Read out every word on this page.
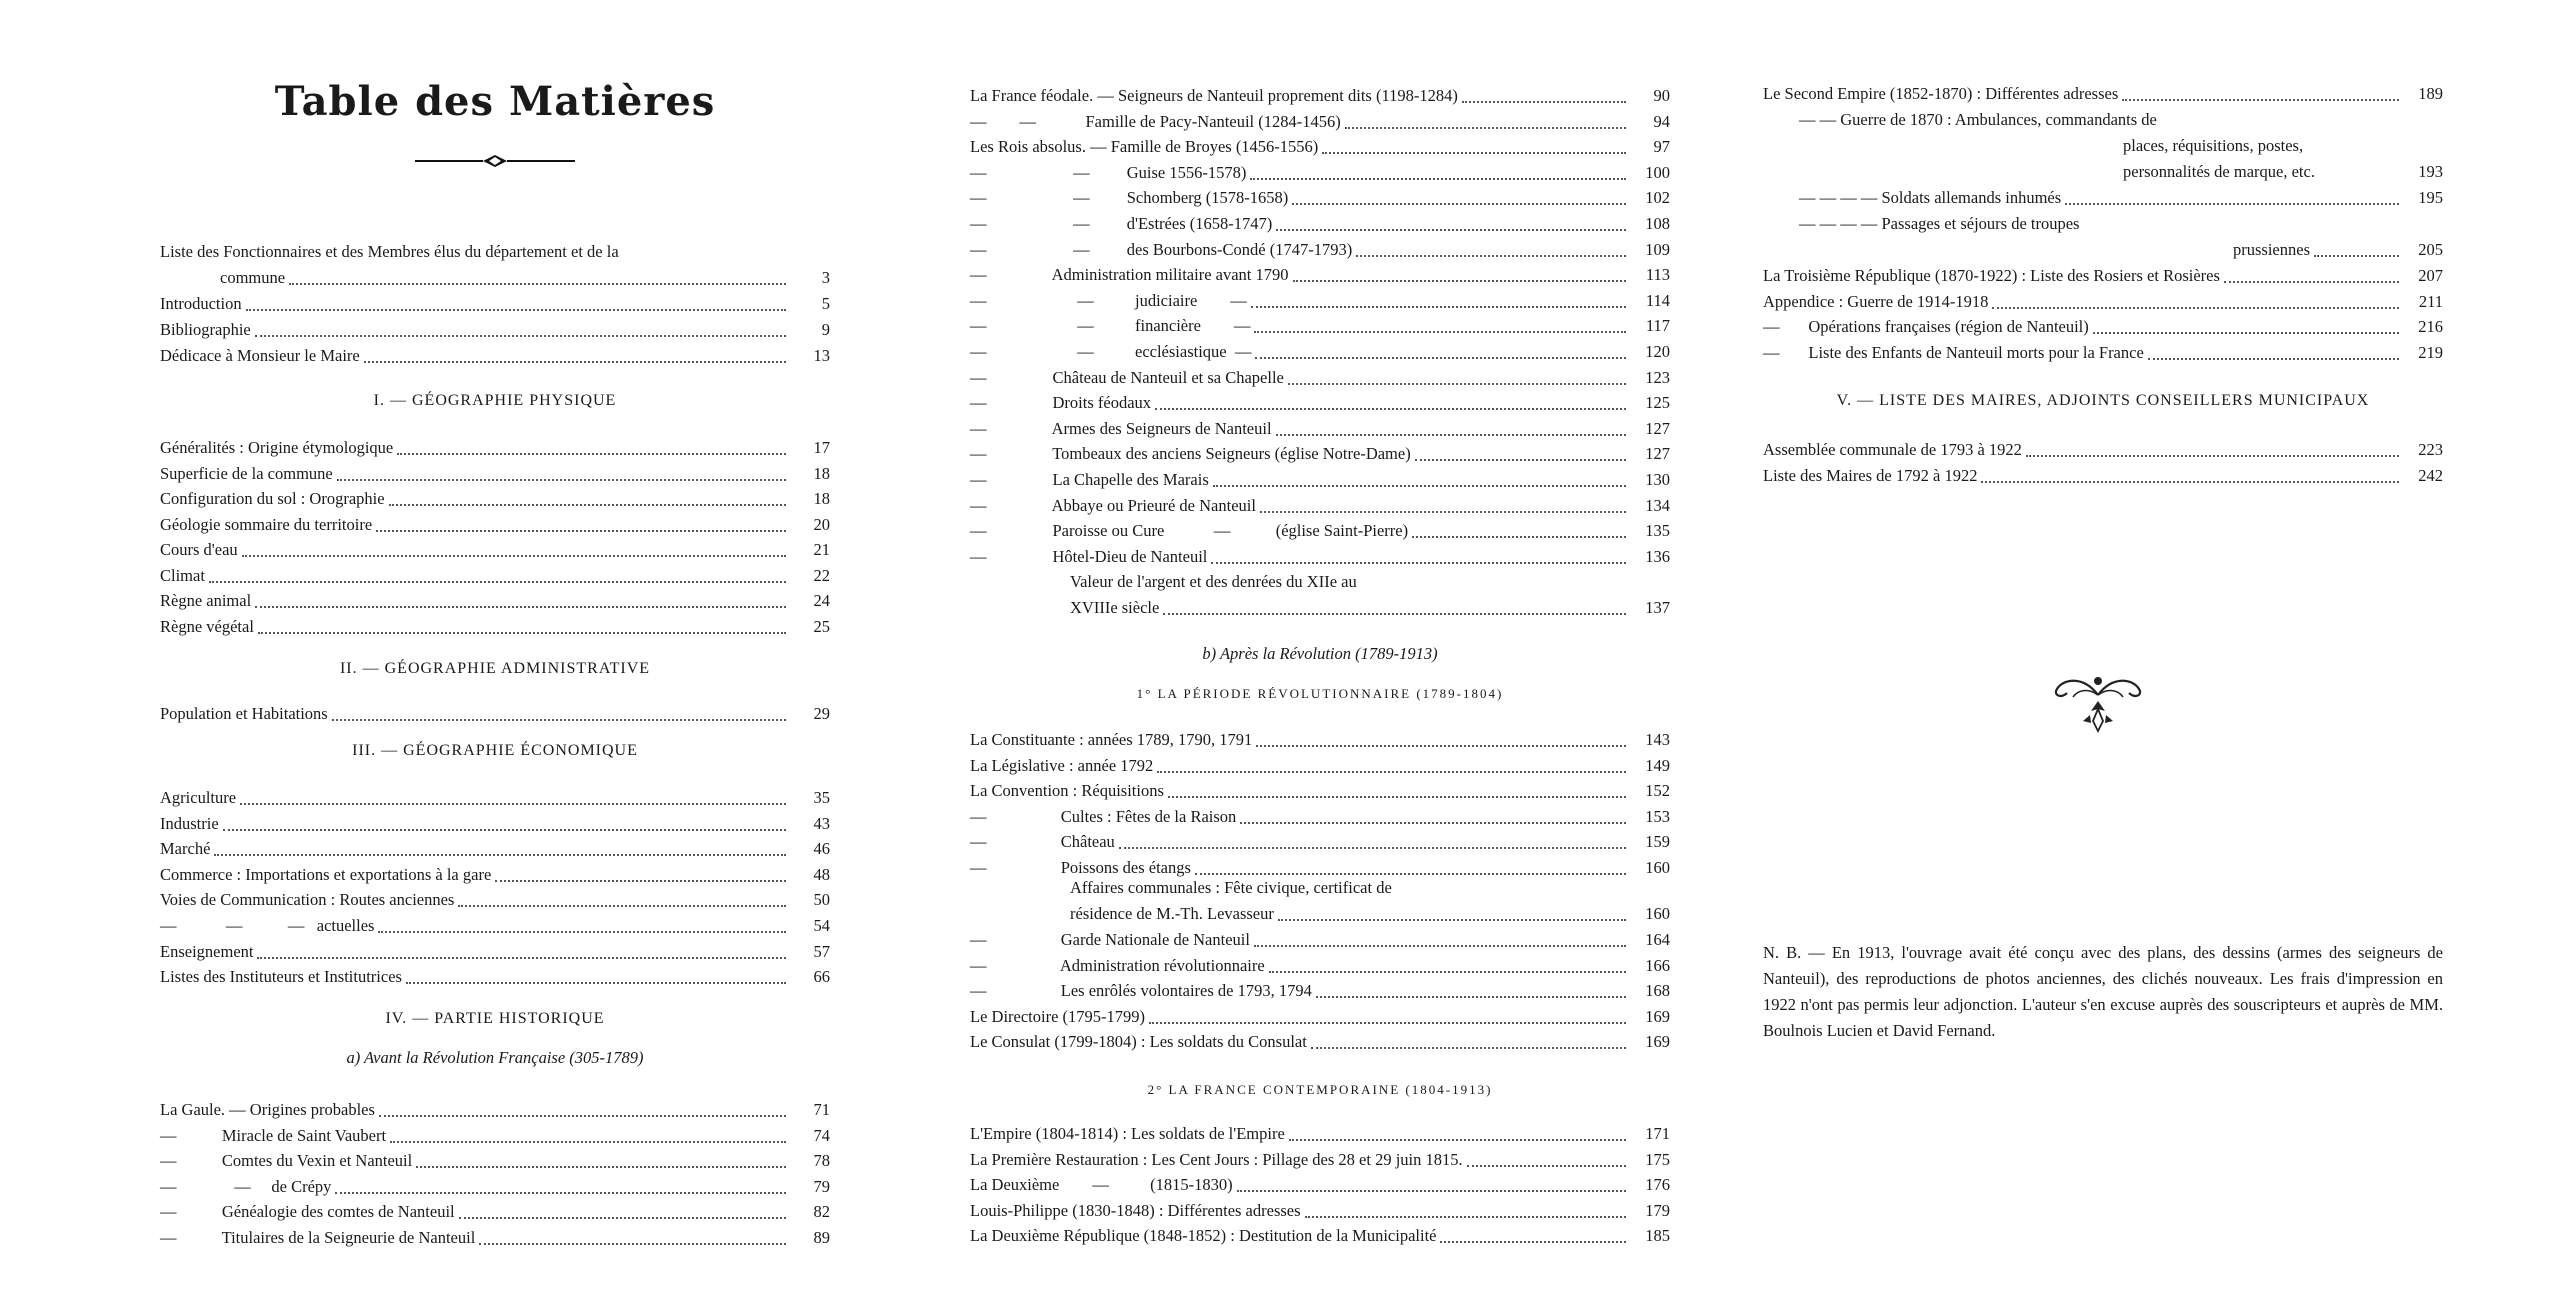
Table des Matières
Liste des Fonctionnaires et des Membres élus du département et de la
commune	3
Introduction	5
Bibliographie	9
Dédicace à Monsieur le Maire	13
I. — GÉOGRAPHIE PHYSIQUE
Généralités : Origine étymologique	17
Superficie de la commune	18
Configuration du sol : Orographie	18
Géologie sommaire du territoire	20
Cours d'eau	21
Climat	22
Règne animal	24
Règne végétal	25
II. — GÉOGRAPHIE ADMINISTRATIVE
Population et Habitations	29
III. — GÉOGRAPHIE ÉCONOMIQUE
Agriculture	35
Industrie	43
Marché	46
Commerce : Importations et exportations à la gare	48
Voies de Communication : Routes anciennes	50
—            —           —   actuelles	54
Enseignement	57
Listes des Instituteurs et Institutrices	66
IV. — PARTIE HISTORIQUE
a) Avant la Révolution Française (305-1789)
La Gaule. — Origines probables	71
—           Miracle de Saint Vaubert	74
—           Comtes du Vexin et Nanteuil	78
—              —     de Crépy	79
—           Généalogie des comtes de Nanteuil	82
—           Titulaires de la Seigneurie de Nanteuil	89
La France féodale. — Seigneurs de Nanteuil proprement dits (1198-1284)	90
—        —            Famille de Pacy-Nanteuil (1284-1456)	94
Les Rois absolus. — Famille de Broyes (1456-1556)	97
—                     —         Guise 1556-1578)	100
—                     —         Schomberg (1578-1658)	102
—                     —         d'Estrées (1658-1747)	108
—                     —         des Bourbons-Condé (1747-1793)	109
—                Administration militaire avant 1790	113
—                      —          judiciaire        —	114
—                      —          financière        —	117
—                      —          ecclésiastique  —	120
—                Château de Nanteuil et sa Chapelle	123
—                Droits féodaux	125
—                Armes des Seigneurs de Nanteuil	127
—                Tombeaux des anciens Seigneurs (église Notre-Dame)	127
—                La Chapelle des Marais	130
—                Abbaye ou Prieuré de Nanteuil	134
—                Paroisse ou Cure            —           (église Saint-Pierre)	135
—                Hôtel-Dieu de Nanteuil	136
Valeur de l'argent et des denrées du XIIe au
XVIIIe siècle	137
b) Après la Révolution (1789-1913)
1° LA PÉRIODE RÉVOLUTIONNAIRE (1789-1804)
La Constituante : années 1789, 1790, 1791	143
La Législative : année 1792	149
La Convention : Réquisitions	152
—                  Cultes : Fêtes de la Raison	153
—                  Château	159
—                  Poissons des étangs	160
Affaires communales : Fête civique, certificat de
résidence de M.-Th. Levasseur	160
—                  Garde Nationale de Nanteuil	164
—                  Administration révolutionnaire	166
—                  Les enrôlés volontaires de 1793, 1794	168
Le Directoire (1795-1799)	169
Le Consulat (1799-1804) : Les soldats du Consulat	169
2° LA FRANCE CONTEMPORAINE (1804-1913)
L'Empire (1804-1814) : Les soldats de l'Empire	171
La Première Restauration : Les Cent Jours : Pillage des 28 et 29 juin 1815.	175
La Deuxième        —          (1815-1830)	176
Louis-Philippe (1830-1848) : Différentes adresses	179
La Deuxième République (1848-1852) : Destitution de la Municipalité	185
Le Second Empire (1852-1870) : Différentes adresses	189
— — Guerre de 1870 : Ambulances, commandants de
places, réquisitions, postes,
personnalités de marque, etc.	193
— — — — Soldats allemands inhumés	195
— — — — Passages et séjours de troupes
prussiennes	205
La Troisième République (1870-1922) : Liste des Rosiers et Rosières	207
Appendice : Guerre de 1914-1918	211
—       Opérations françaises (région de Nanteuil)	216
—       Liste des Enfants de Nanteuil morts pour la France	219
V. — LISTE DES MAIRES, ADJOINTS CONSEILLERS MUNICIPAUX
Assemblée communale de 1793 à 1922	223
Liste des Maires de 1792 à 1922	242
N. B. — En 1913, l'ouvrage avait été conçu avec des plans, des dessins (armes des seigneurs de Nanteuil), des reproductions de photos anciennes, des clichés nouveaux. Les frais d'impression en 1922 n'ont pas permis leur adjonction. L'auteur s'en excuse auprès des souscripteurs et auprès de MM. Boulnois Lucien et David Fernand.
